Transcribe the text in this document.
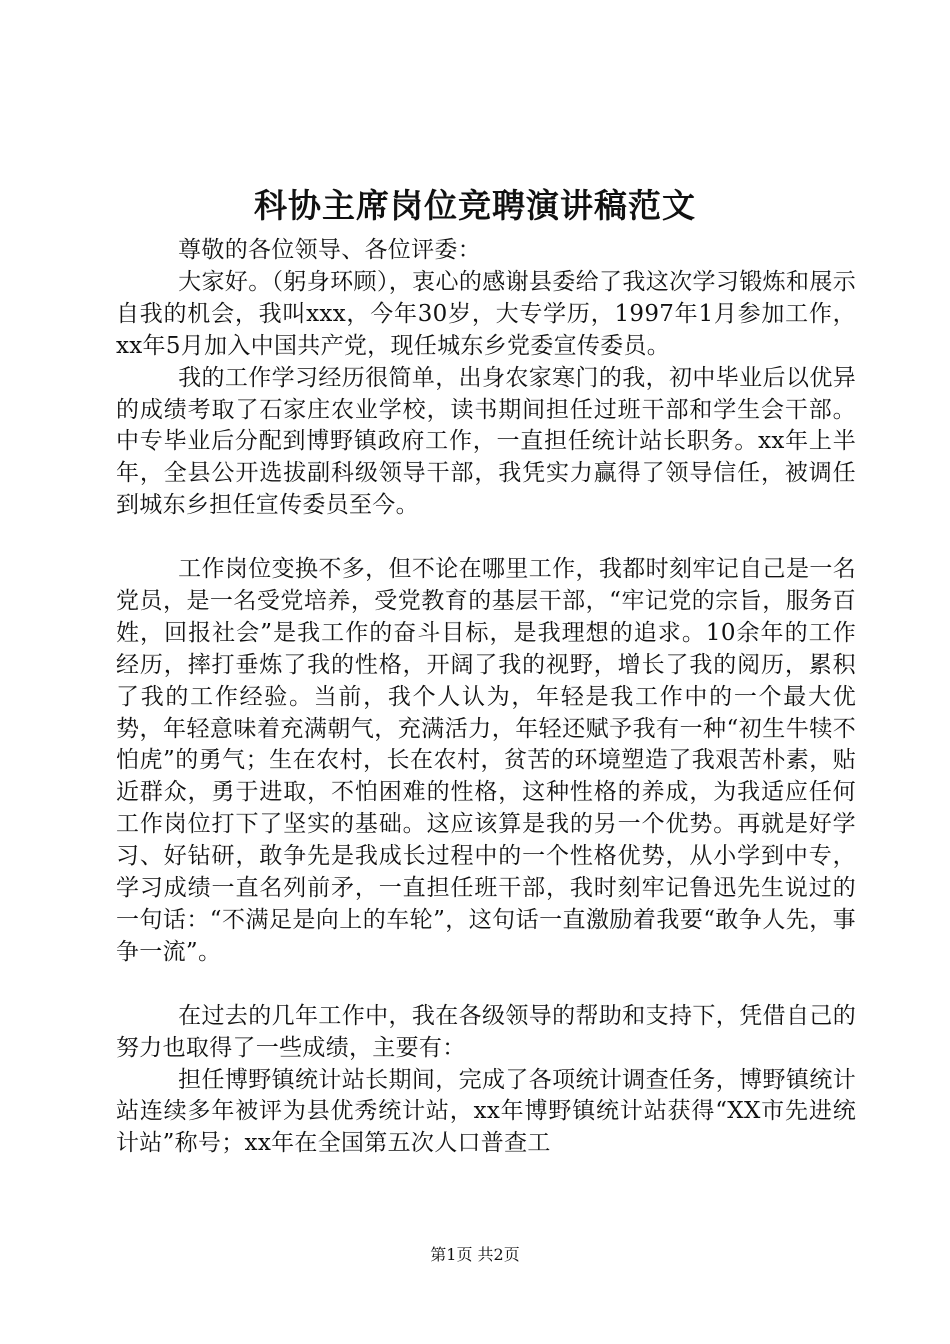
科协主席岗位竞聘演讲稿范文

尊敬的各位领导、各位评委：

大家好。（躬身环顾），衷心的感谢县委给了我这次学习锻炼和展示自我的机会，我叫xxx，今年30岁，大专学历，1997年1月参加工作，xx年5月加入中国共产党，现任城东乡党委宣传委员。

我的工作学习经历很简单，出身农家寒门的我，初中毕业后以优异的成绩考取了石家庄农业学校，读书期间担任过班干部和学生会干部。中专毕业后分配到博野镇政府工作，一直担任统计站长职务。xx年上半年，全县公开选拔副科级领导干部，我凭实力赢得了领导信任，被调任到城东乡担任宣传委员至今。

工作岗位变换不多，但不论在哪里工作，我都时刻牢记自己是一名党员，是一名受党培养，受党教育的基层干部，“牢记党的宗旨，服务百姓，回报社会”是我工作的奋斗目标，是我理想的追求。10余年的工作经历，摔打垂炼了我的性格，开阔了我的视野，增长了我的阅历，累积了我的工作经验。当前，我个人认为，年轻是我工作中的一个最大优势，年轻意味着充满朝气，充满活力，年轻还赋予我有一种“初生牛犊不怕虎”的勇气；生在农村，长在农村，贫苦的环境塑造了我艰苦朴素，贴近群众，勇于进取，不怕困难的性格，这种性格的养成，为我适应任何工作岗位打下了坚实的基础。这应该算是我的另一个优势。再就是好学习、好钻研，敢争先是我成长过程中的一个性格优势，从小学到中专，学习成绩一直名列前矛，一直担任班干部，我时刻牢记鲁迅先生说过的一句话：“不满足是向上的车轮”，这句话一直激励着我要“敢争人先，事争一流”。

在过去的几年工作中，我在各级领导的帮助和支持下，凭借自己的努力也取得了一些成绩，主要有：

担任博野镇统计站长期间，完成了各项统计调查任务，博野镇统计站连续多年被评为县优秀统计站，xx年博野镇统计站获得“XX市先进统计站”称号；xx年在全国第五次人口普查工

第1页 共2页
